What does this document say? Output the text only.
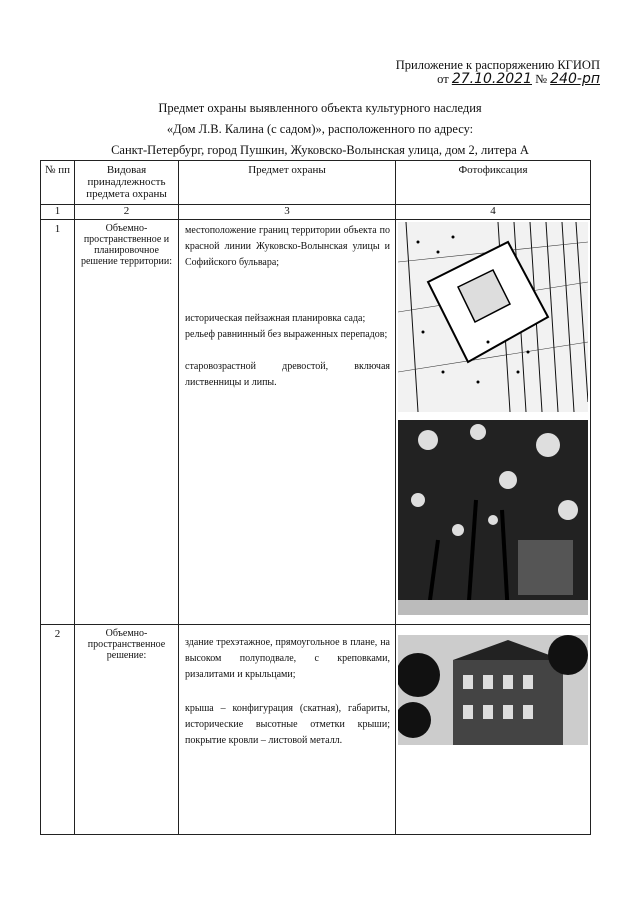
Приложение к распоряжению КГИОП
от 27.10.2021 № 240-рп
Предмет охраны выявленного объекта культурного наследия
«Дом Л.В. Калина (с садом)», расположенного по адресу:
Санкт-Петербург, город Пушкин, Жуковско-Волынская улица, дом 2, литера А
№ пп	Видовая принадлежность предмета охраны	Предмет охраны	Фотофиксация
1	2	3	4
1	Объемно-пространственное и планировочное решение территории:	местоположение границ территории объекта по красной линии Жуковско-Волынская улицы и Софийского бульвара;

историческая пейзажная планировка сада;

рельеф равнинный без выраженных перепадов;

старовозрастной древостой, включая лиственницы и липы.

2	Объемно-пространственное решение:	здание трехэтажное, прямоугольное в плане, на высоком полуподвале, с креповками, ризалитами и крыльцами;

крыша – конфигурация (скатная), габариты, исторические высотные отметки крыши; покрытие кровли – листовой металл.
